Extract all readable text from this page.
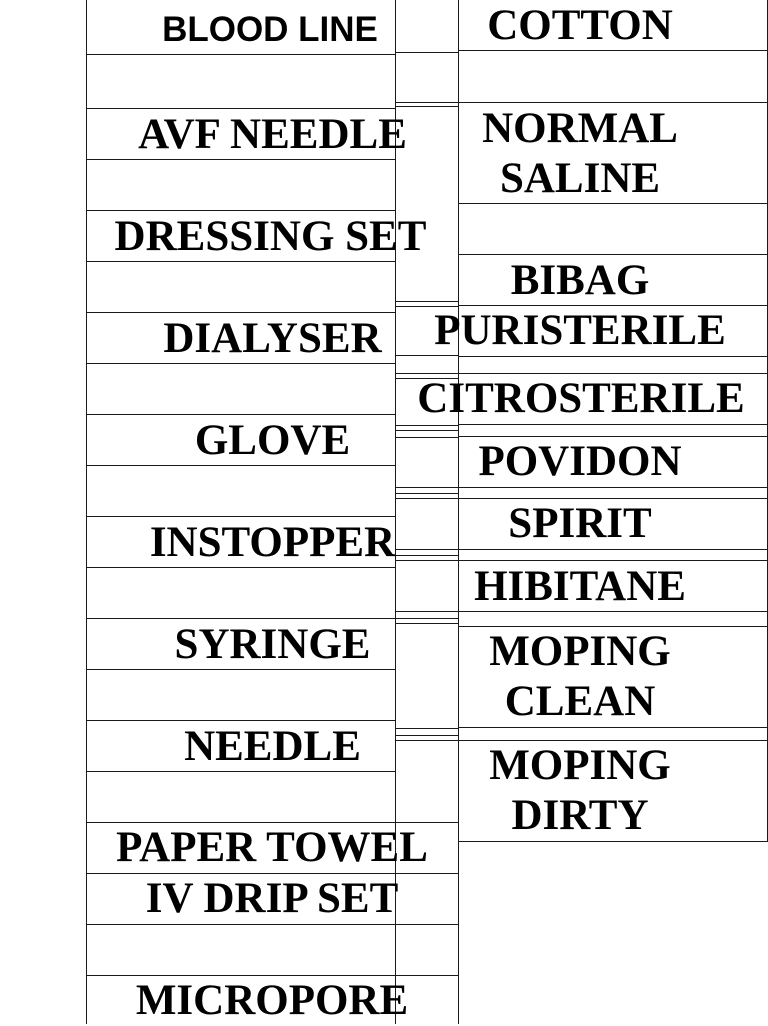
BLOOD LINE
AVF NEEDLE
DRESSING SET
DIALYSER
GLOVE
INSTOPPER
SYRINGE
NEEDLE
PAPER TOWEL
IV DRIP SET
MICROPORE
COTTON
NORMAL
SALINE
BIBAG
PURISTERILE
CITROSTERILE
POVIDON
SPIRIT
HIBITANE
MOPING
CLEAN
MOPING
DIRTY
